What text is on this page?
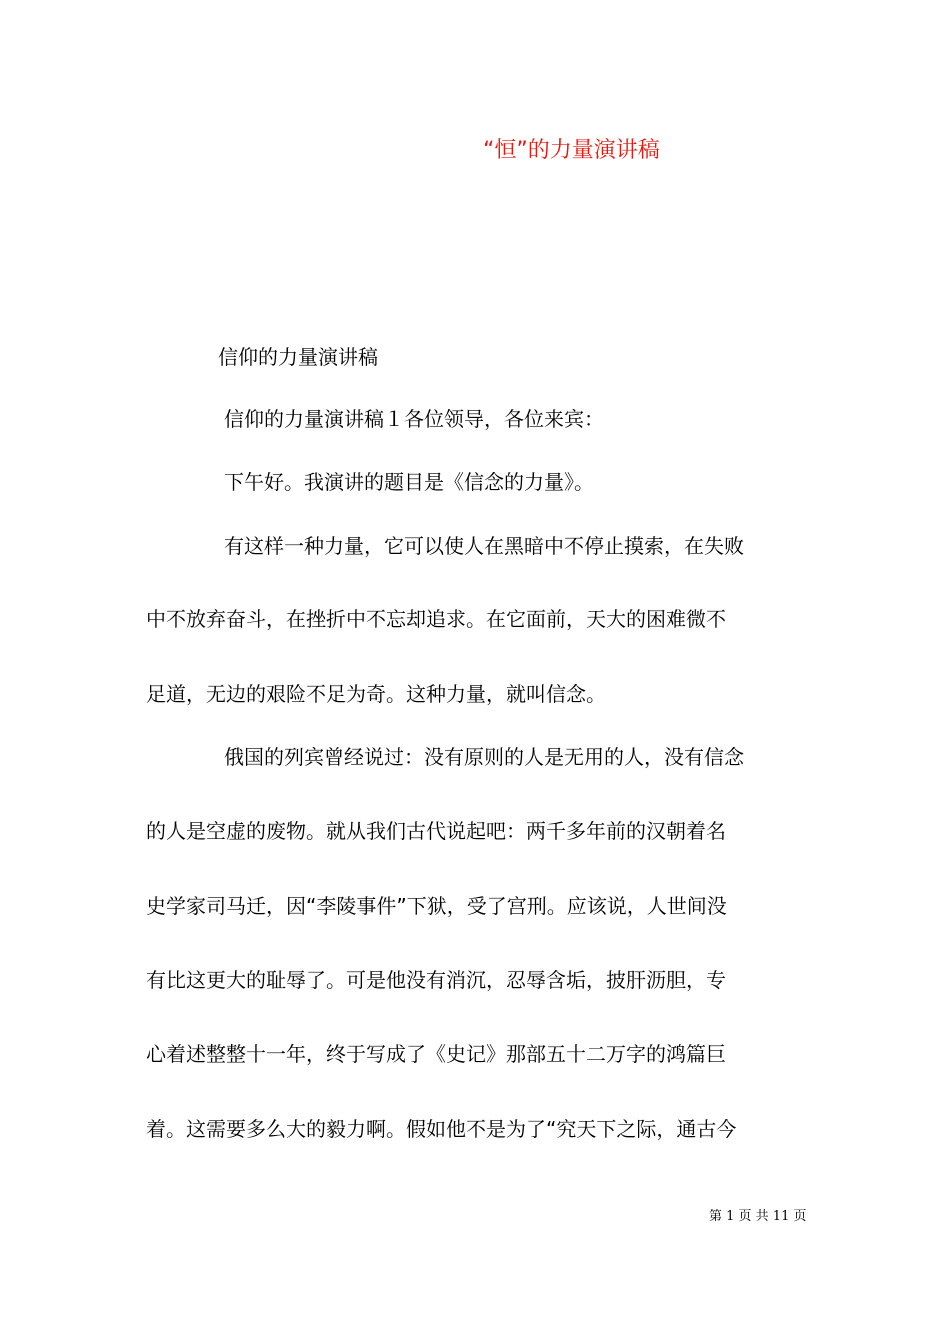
“恒”的力量演讲稿
信仰的力量演讲稿
信仰的力量演讲稿１各位领导，各位来宾：
下午好。我演讲的题目是《信念的力量》。
有这样一种力量，它可以使人在黑暗中不停止摸索，在失败
中不放弃奋斗，在挫折中不忘却追求。在它面前，天大的困难微不
足道，无边的艰险不足为奇。这种力量，就叫信念。
俄国的列宾曾经说过：没有原则的人是无用的人，没有信念
的人是空虚的废物。就从我们古代说起吧：两千多年前的汉朝着名
史学家司马迁，因“李陵事件”下狱，受了宫刑。应该说，人世间没
有比这更大的耻辱了。可是他没有消沉，忍辱含垢，披肝沥胆，专
心着述整整十一年，终于写成了《史记》那部五十二万字的鸿篇巨
着。这需要多么大的毅力啊。假如他不是为了“究天下之际，通古今
第 1 页 共 11 页
